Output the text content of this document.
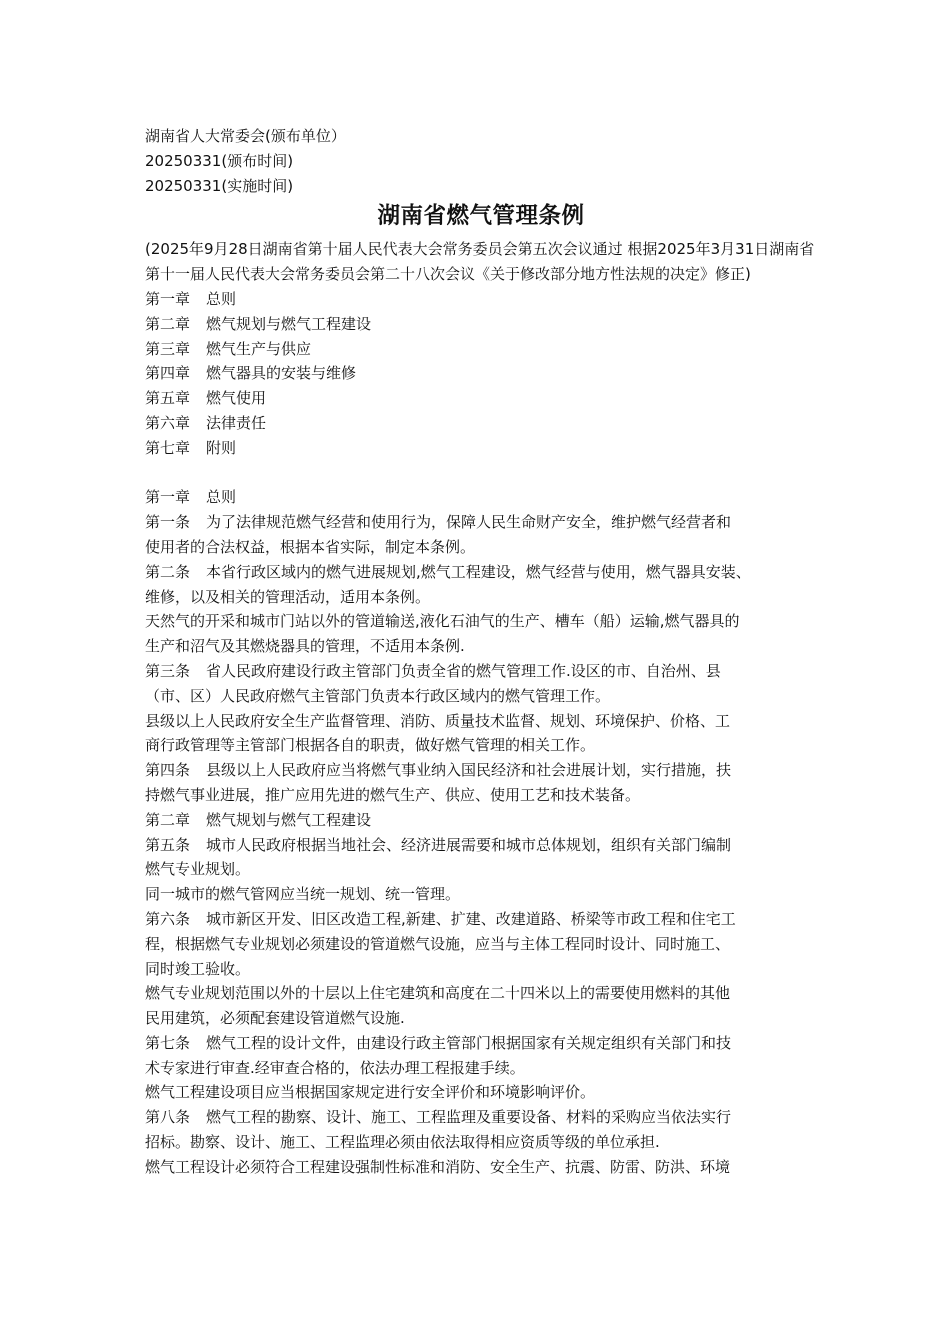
湖南省人大常委会(颁布单位）

20250331(颁布时间)

20250331(实施时间)

湖南省燃气管理条例

(2025年9月28日湖南省第十届人民代表大会常务委员会第五次会议通过 根据2025年3月31日湖南省第十一届人民代表大会常务委员会第二十八次会议《关于修改部分地方性法规的决定》修正)

第一章 总则

第二章 燃气规划与燃气工程建设

第三章 燃气生产与供应

第四章 燃气器具的安装与维修

第五章 燃气使用

第六章 法律责任

第七章 附则

第一章 总则

第一条 为了法律规范燃气经营和使用行为，保障人民生命财产安全，维护燃气经营者和

使用者的合法权益，根据本省实际，制定本条例。

第二条 本省行政区域内的燃气进展规划,燃气工程建设，燃气经营与使用，燃气器具安装、

维修，以及相关的管理活动，适用本条例。

天然气的开采和城市门站以外的管道输送,液化石油气的生产、槽车（船）运输,燃气器具的

生产和沼气及其燃烧器具的管理，不适用本条例.

第三条 省人民政府建设行政主管部门负责全省的燃气管理工作.设区的市、自治州、县

（市、区）人民政府燃气主管部门负责本行政区域内的燃气管理工作。

县级以上人民政府安全生产监督管理、消防、质量技术监督、规划、环境保护、价格、工

商行政管理等主管部门根据各自的职责，做好燃气管理的相关工作。

第四条 县级以上人民政府应当将燃气事业纳入国民经济和社会进展计划，实行措施，扶

持燃气事业进展，推广应用先进的燃气生产、供应、使用工艺和技术装备。

第二章 燃气规划与燃气工程建设

第五条 城市人民政府根据当地社会、经济进展需要和城市总体规划，组织有关部门编制

燃气专业规划。

同一城市的燃气管网应当统一规划、统一管理。

第六条 城市新区开发、旧区改造工程,新建、扩建、改建道路、桥梁等市政工程和住宅工

程，根据燃气专业规划必须建设的管道燃气设施，应当与主体工程同时设计、同时施工、

同时竣工验收。

燃气专业规划范围以外的十层以上住宅建筑和高度在二十四米以上的需要使用燃料的其他

民用建筑，必须配套建设管道燃气设施.

第七条 燃气工程的设计文件，由建设行政主管部门根据国家有关规定组织有关部门和技

术专家进行审查.经审查合格的，依法办理工程报建手续。

燃气工程建设项目应当根据国家规定进行安全评价和环境影响评价。

第八条 燃气工程的勘察、设计、施工、工程监理及重要设备、材料的采购应当依法实行

招标。勘察、设计、施工、工程监理必须由依法取得相应资质等级的单位承担.

燃气工程设计必须符合工程建设强制性标准和消防、安全生产、抗震、防雷、防洪、环境
